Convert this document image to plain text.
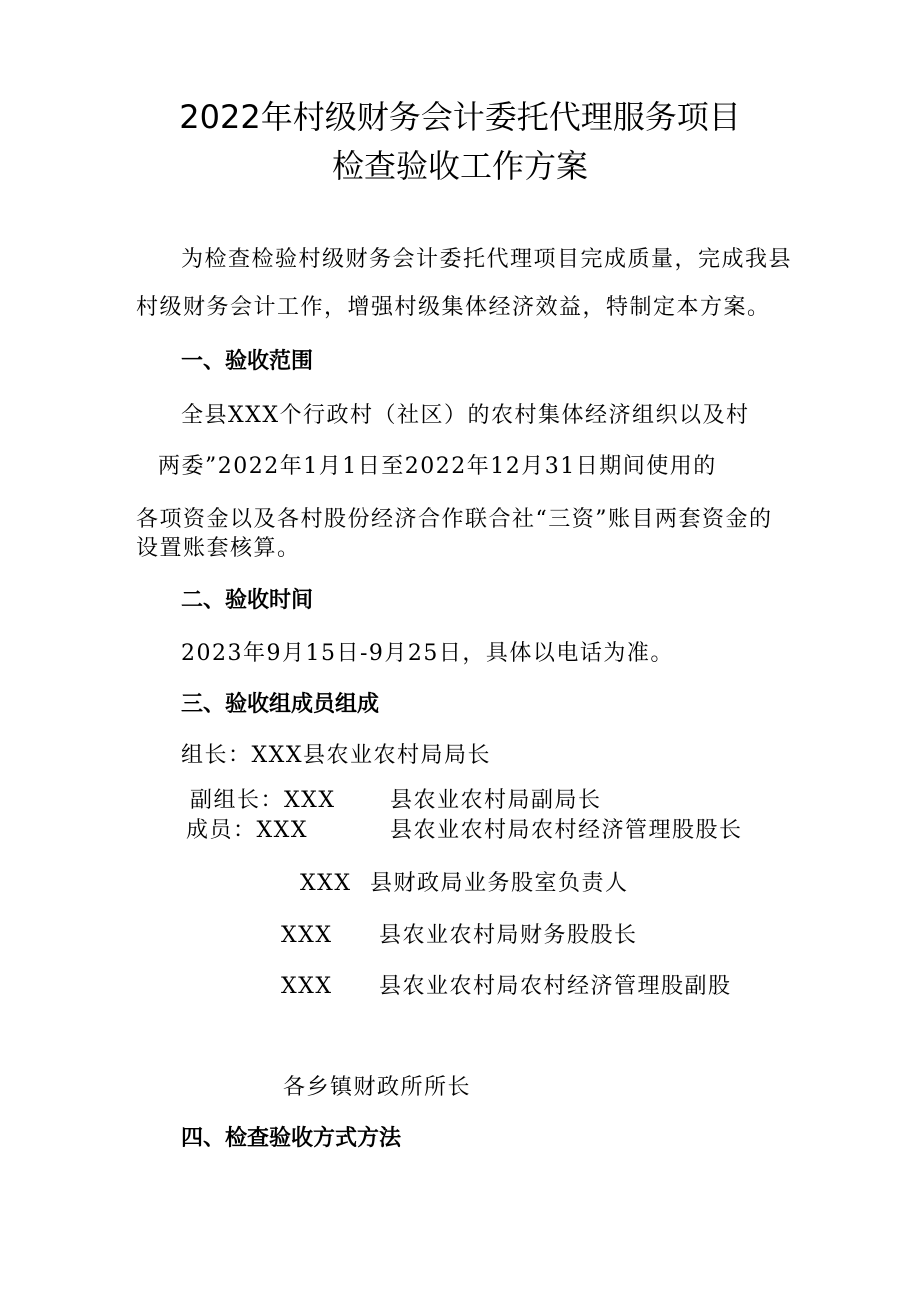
2022年村级财务会计委托代理服务项目
检查验收工作方案
为检查检验村级财务会计委托代理项目完成质量，完成我县
村级财务会计工作，增强村级集体经济效益，特制定本方案。
一、验收范围
全县XXX个行政村（社区）的农村集体经济组织以及村
两委”2022年1月1日至2022年12月31日期间使用的
各项资金以及各村股份经济合作联合社“三资”账目两套资金的
设置账套核算。
二、验收时间
2023年9月15日-9月25日，具体以电话为准。
三、验收组成员组成
组长：XXX县农业农村局局长
副组长：XXX 县农业农村局副局长
成员：XXX	县农业农村局农村经济管理股股长
XXX 县财政局业务股室负责人
XXX 县农业农村局财务股股长
XXX 县农业农村局农村经济管理股副股
各乡镇财政所所长
四、检查验收方式方法
